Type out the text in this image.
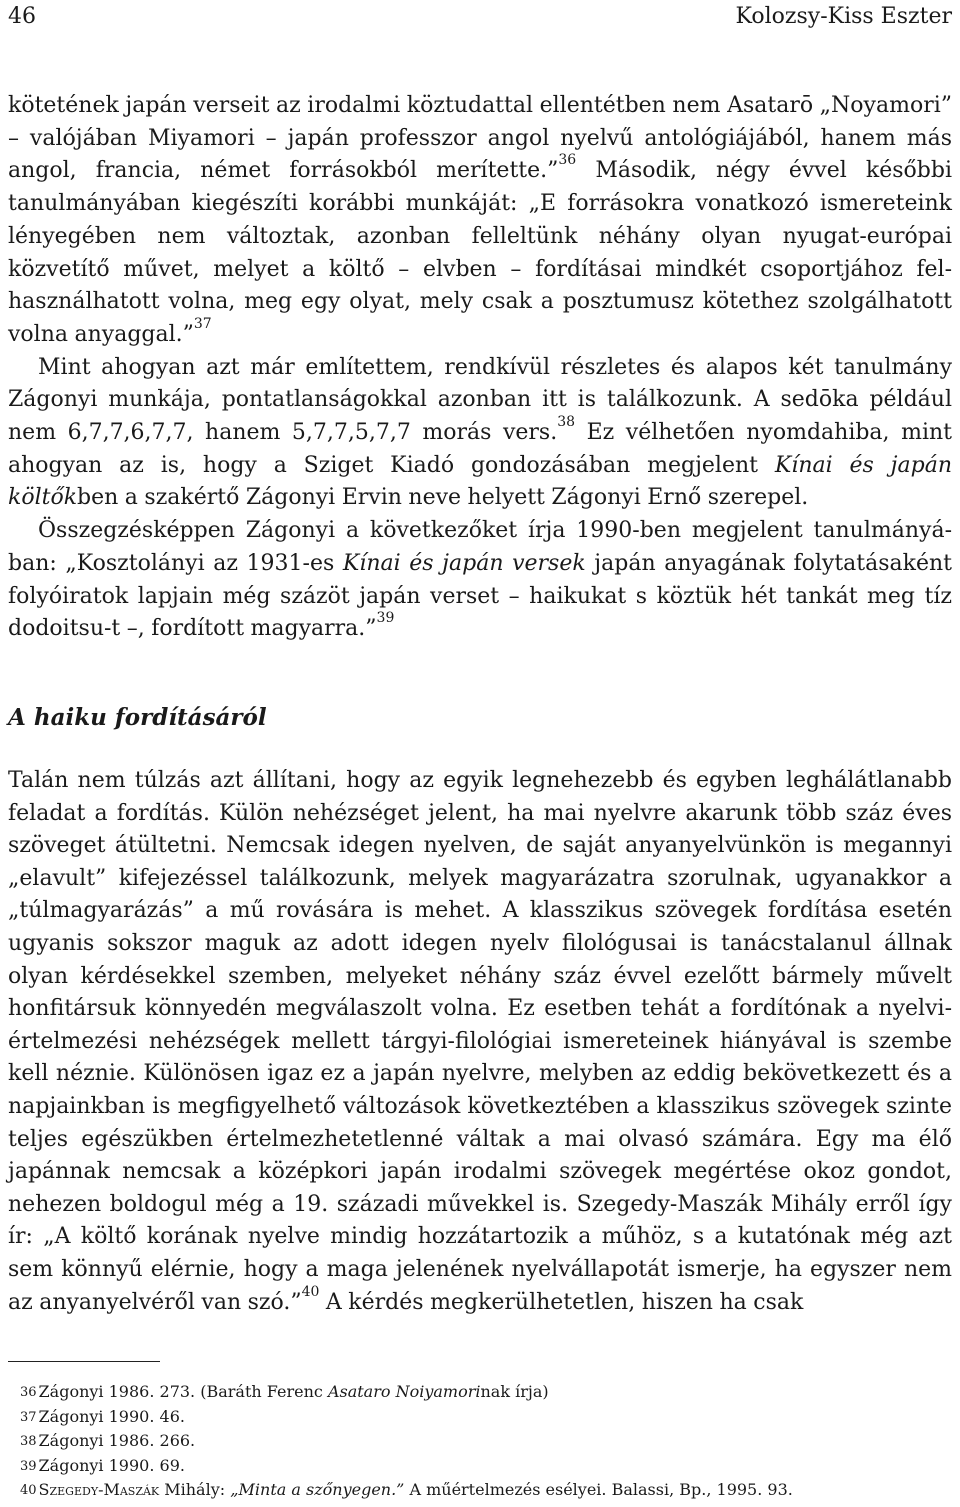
46	Kolozsy-Kiss Eszter

kötetének japán verseit az irodalmi köztudattal ellentétben nem Asatarō „Noyamori” – valójában Miyamori – japán professzor angol nyelvű antológiájából, hanem más angol, francia, német forrásokból merítette.”$^{36}$ Második, négy évvel későbbi tanulmányában kiegészíti korábbi munkáját: „E forrásokra vonatkozó ismereteink lényegében nem változtak, azonban felleltünk néhány olyan nyugat-európai közvetítő művet, melyet a költő – elvben – fordításai mindkét csoportjához felhasználhatott volna, meg egy olyat, mely csak a posztumusz kötethez szolgálhatott volna anyaggal.”$^{37}$

Mint ahogyan azt már említettem, rendkívül részletes és alapos két tanulmány Zágonyi munkája, pontatlanságokkal azonban itt is találkozunk. A sedōka például nem 6,7,7,6,7,7, hanem 5,7,7,5,7,7 morás vers.$^{38}$ Ez vélhetően nyomdahiba, mint ahogyan az is, hogy a Sziget Kiadó gondozásában megjelent Kínai és japán költőkben a szakértő Zágonyi Ervin neve helyett Zágonyi Ernő szerepel.

Összegzésképpen Zágonyi a következőket írja 1990-ben megjelent tanulmányában: „Kosztolányi az 1931-es Kínai és japán versek japán anyagának folytatásaként folyóiratok lapjain még százöt japán verset – haikukat s köztük hét tankát meg tíz dodoitsu-t –, fordított magyarra.”$^{39}$

A haiku fordításáról

Talán nem túlzás azt állítani, hogy az egyik legnehezebb és egyben leghálátlanabb feladat a fordítás. Külön nehézséget jelent, ha mai nyelvre akarunk több száz éves szöveget átültetni. Nemcsak idegen nyelven, de saját anyanyelvünkön is megannyi „elavult” kifejezéssel találkozunk, melyek magyarázatra szorulnak, ugyanakkor a „túlmagyarázás” a mű rovására is mehet. A klasszikus szövegek fordítása esetén ugyanis sokszor maguk az adott idegen nyelv filológusai is tanácstalanul állnak olyan kérdésekkel szemben, melyeket néhány száz évvel ezelőtt bármely művelt honfitársuk könnyedén megválaszolt volna. Ez esetben tehát a fordítónak a nyelviértelmezési nehézségek mellett tárgyi-filológiai ismereteinek hiányával is szembe kell néznie. Különösen igaz ez a japán nyelvre, melyben az eddig bekövetkezett és a napjainkban is megfigyelhető változások következtében a klasszikus szövegek szinte teljes egészükben értelmezhetetlenné váltak a mai olvasó számára. Egy ma élő japánnak nemcsak a középkori japán irodalmi szövegek megértése okoz gondot, nehezen boldogul még a 19. századi művekkel is. Szegedy-Maszák Mihály erről így ír: „A költő korának nyelve mindig hozzátartozik a műhöz, s a kutatónak még azt sem könnyű elérnie, hogy a maga jelenének nyelvállapotát ismerje, ha egyszer nem az anyanyelvéről van szó.”$^{40}$ A kérdés megkerülhetetlen, hiszen ha csak

$^{36}$ Zágonyi 1986. 273. (Baráth Ferenc Asataro Noiyamorinak írja)

$^{37}$ Zágonyi 1990. 46.

$^{38}$ Zágonyi 1986. 266.

$^{39}$ Zágonyi 1990. 69.

$^{40}$ Szegedy-Maszák Mihály: „Minta a szőnyegen.” A műértelmezés esélyei. Balassi, Bp., 1995. 93.
